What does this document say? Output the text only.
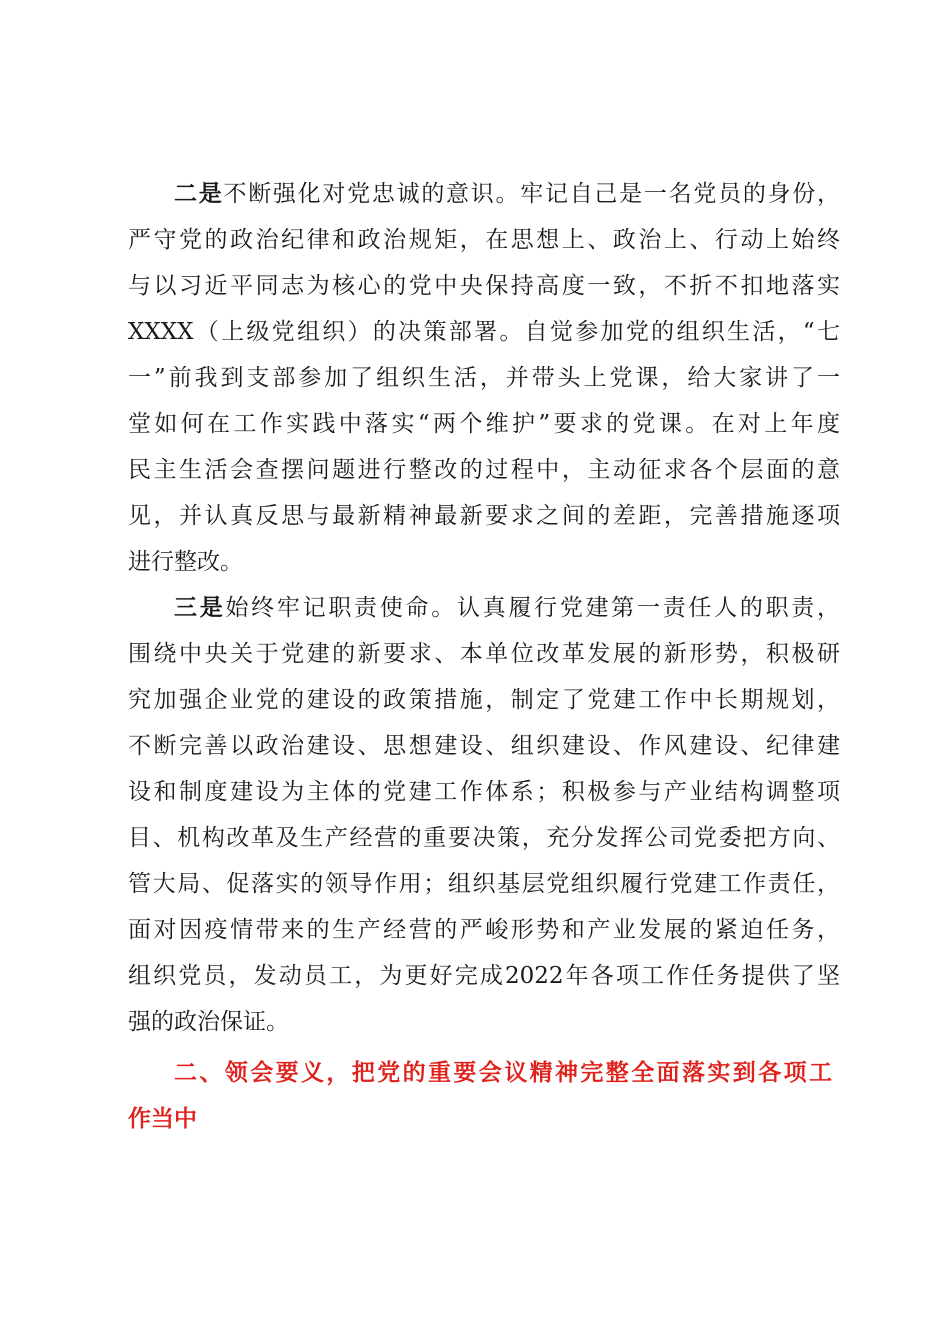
二是不断强化对党忠诚的意识。牢记自己是一名党员的身份，
严守党的政治纪律和政治规矩，在思想上、政治上、行动上始终
与以习近平同志为核心的党中央保持高度一致，不折不扣地落实
XXXX（上级党组织）的决策部署。自觉参加党的组织生活，“七
一”前我到支部参加了组织生活，并带头上党课，给大家讲了一
堂如何在工作实践中落实“两个维护”要求的党课。在对上年度
民主生活会查摆问题进行整改的过程中，主动征求各个层面的意
见，并认真反思与最新精神最新要求之间的差距，完善措施逐项
进行整改。
三是始终牢记职责使命。认真履行党建第一责任人的职责，
围绕中央关于党建的新要求、本单位改革发展的新形势，积极研
究加强企业党的建设的政策措施，制定了党建工作中长期规划，
不断完善以政治建设、思想建设、组织建设、作风建设、纪律建
设和制度建设为主体的党建工作体系；积极参与产业结构调整项
目、机构改革及生产经营的重要决策，充分发挥公司党委把方向、
管大局、促落实的领导作用；组织基层党组织履行党建工作责任，
面对因疫情带来的生产经营的严峻形势和产业发展的紧迫任务，
组织党员，发动员工，为更好完成2022年各项工作任务提供了坚
强的政治保证。
二、领会要义，把党的重要会议精神完整全面落实到各项工
作当中
